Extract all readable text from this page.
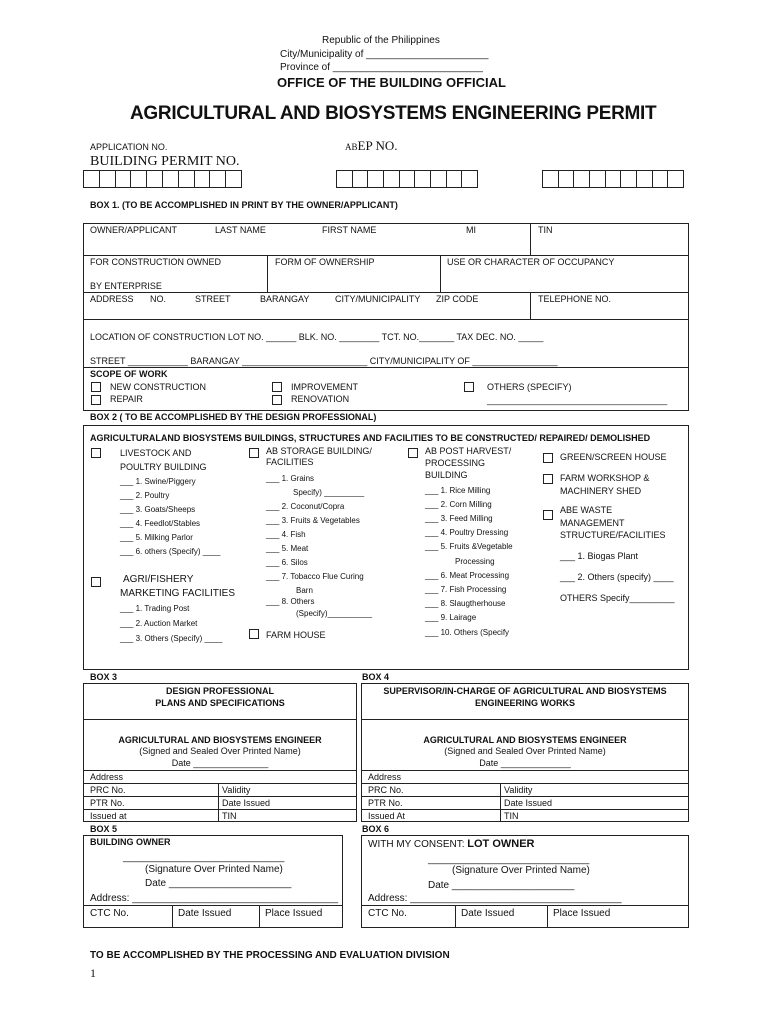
Republic of the Philippines
City/Municipality of ______________________
Province of ___________________________
OFFICE OF THE BUILDING OFFICIAL
AGRICULTURAL AND BIOSYSTEMS ENGINEERING PERMIT
APPLICATION NO.	ABEP NO.
BUILDING PERMIT NO.
BOX 1. (TO BE ACCOMPLISHED IN PRINT BY THE OWNER/APPLICANT)
OWNER/APPLICANT	LAST NAME	FIRST NAME	MI	TIN
FOR CONSTRUCTION OWNED
BY ENTERPRISE
FORM OF OWNERSHIP	USE OR CHARACTER OF OCCUPANCY
ADDRESS NO.	STREET	BARANGAY	CITY/MUNICIPALITY ZIP CODE	TELEPHONE NO.
LOCATION OF CONSTRUCTION LOT NO. ______ BLK. NO. ________ TCT. NO._______ TAX DEC. NO. _____
STREET ____________ BARANGAY _________________________ CITY/MUNICIPALITY OF _________________
SCOPE OF WORK
NEW CONSTRUCTION
REPAIR
IMPROVEMENT
RENOVATION
OTHERS (SPECIFY)
____________________________________
BOX 2 ( TO BE ACCOMPLISHED BY THE DESIGN PROFESSIONAL)
AGRICULTURALAND BIOSYSTEMS BUILDINGS, STRUCTURES AND FACILITIES TO BE CONSTRUCTED/ REPAIRED/ DEMOLISHED
LIVESTOCK AND
POULTRY BUILDING
___ 1. Swine/Piggery
___ 2. Poultry
___ 3. Goats/Sheeps
___ 4. Feedlot/Stables
___ 5. Milking Parlor
___ 6. others (Specify) ____
AGRI/FISHERY
MARKETING FACILITIES
___ 1. Trading Post
___ 2. Auction Market
___ 3. Others (Specify) ____
AB STORAGE BUILDING/
FACILITIES
___ 1. Grains
Specify) _________
___ 2. Coconut/Copra
___ 3. Fruits & Vegetables
___ 4. Fish
___ 5. Meat
___ 6. Silos
___ 7. Tobacco Flue Curing
Barn
___ 8. Others
(Specify)__________
FARM HOUSE
AB POST HARVEST/
PROCESSING
BUILDING
___ 1. Rice Milling
___ 2. Corn Milling
___ 3. Feed Milling
___ 4. Poultry Dressing
___ 5. Fruits &Vegetable
Processing
___ 6. Meat Processing
___ 7. Fish Processing
___ 8. Slaugtherhouse
___ 9. Lairage
___ 10. Others (Specify
GREEN/SCREEN HOUSE
FARM WORKSHOP &
MACHINERY SHED
ABE WASTE
MANAGEMENT
STRUCTURE/FACILITIES
___ 1. Biogas Plant
___ 2. Others (specify) ____
OTHERS Specify_________
BOX 3
DESIGN PROFESSIONAL
PLANS AND SPECIFICATIONS
AGRICULTURAL AND BIOSYSTEMS ENGINEER
(Signed and Sealed Over Printed Name)
Date _______________
Address
PRC No.	Validity
PTR No.	Date Issued
Issued at	TIN
BOX 4
SUPERVISOR/IN-CHARGE OF AGRICULTURAL AND BIOSYSTEMS
ENGINEERING WORKS
AGRICULTURAL AND BIOSYSTEMS ENGINEER
(Signed and Sealed Over Printed Name)
Date ______________
Address
PRC No.	Validity
PTR No.	Date Issued
Issued At	TIN
BOX 5
BUILDING OWNER
_____________________________
(Signature Over Printed Name)
Date ______________________
Address: _____________________________________
CTC No.	Date Issued	Place Issued
BOX 6
WITH MY CONSENT: LOT OWNER
_____________________________
(Signature Over Printed Name)
Date ______________________
Address: ______________________________________
CTC No.	Date Issued	Place Issued
TO BE ACCOMPLISHED BY THE PROCESSING AND EVALUATION DIVISION
1
